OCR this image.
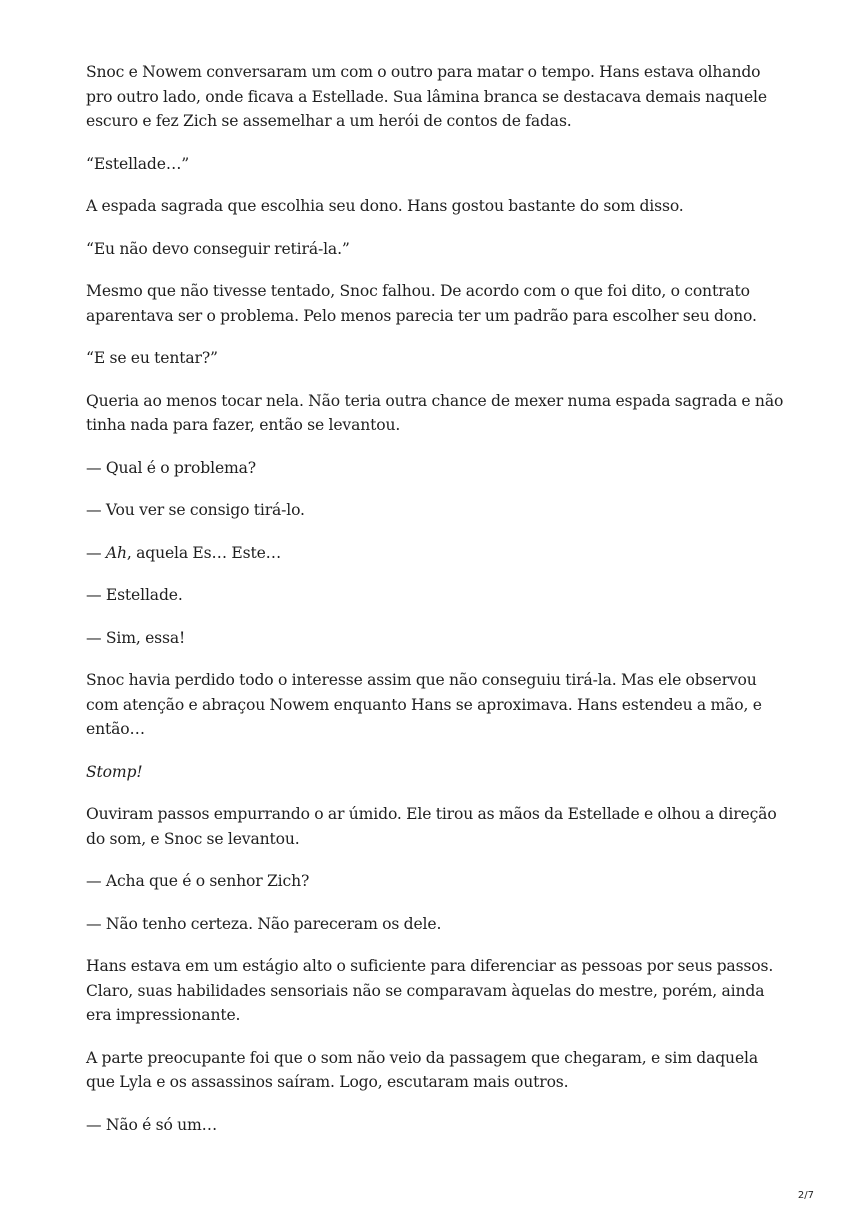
Snoc e Nowem conversaram um com o outro para matar o tempo. Hans estava olhando pro outro lado, onde ficava a Estellade. Sua lâmina branca se destacava demais naquele escuro e fez Zich se assemelhar a um herói de contos de fadas.

“Estellade…”

A espada sagrada que escolhia seu dono. Hans gostou bastante do som disso.

“Eu não devo conseguir retirá-la.”

Mesmo que não tivesse tentado, Snoc falhou. De acordo com o que foi dito, o contrato aparentava ser o problema. Pelo menos parecia ter um padrão para escolher seu dono.

“E se eu tentar?”

Queria ao menos tocar nela. Não teria outra chance de mexer numa espada sagrada e não tinha nada para fazer, então se levantou.

— Qual é o problema?

— Vou ver se consigo tirá-lo.

— Ah, aquela Es… Este…

— Estellade.

— Sim, essa!

Snoc havia perdido todo o interesse assim que não conseguiu tirá-la. Mas ele observou com atenção e abraçou Nowem enquanto Hans se aproximava. Hans estendeu a mão, e então…

Stomp!

Ouviram passos empurrando o ar úmido. Ele tirou as mãos da Estellade e olhou a direção do som, e Snoc se levantou.

— Acha que é o senhor Zich?

— Não tenho certeza. Não pareceram os dele.

Hans estava em um estágio alto o suficiente para diferenciar as pessoas por seus passos. Claro, suas habilidades sensoriais não se comparavam àquelas do mestre, porém, ainda era impressionante.

A parte preocupante foi que o som não veio da passagem que chegaram, e sim daquela que Lyla e os assassinos saíram. Logo, escutaram mais outros.

— Não é só um…

2/7
